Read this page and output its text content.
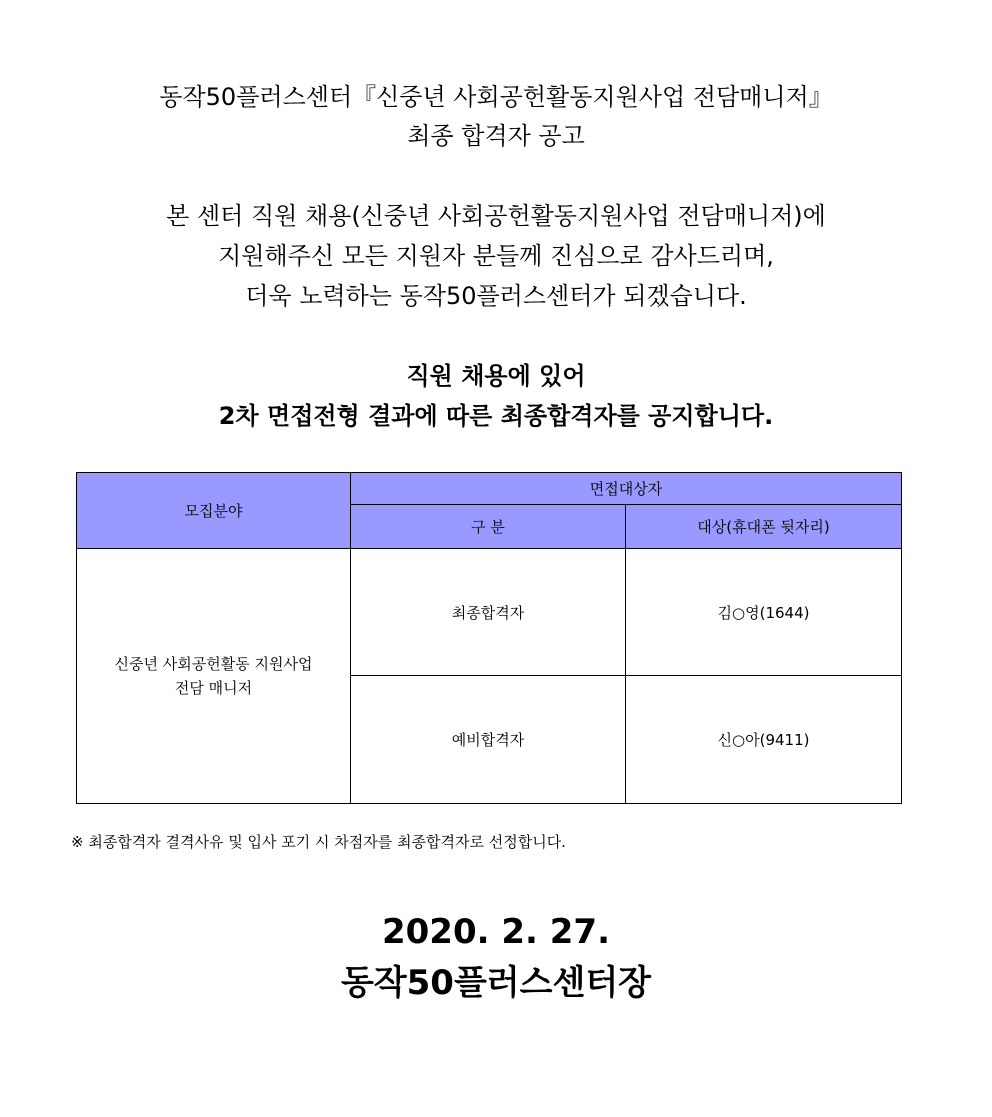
동작50플러스센터『신중년 사회공헌활동지원사업 전담매니저』
최종 합격자 공고
본 센터 직원 채용(신중년 사회공헌활동지원사업 전담매니저)에
지원해주신 모든 지원자 분들께 진심으로 감사드리며,
더욱 노력하는 동작50플러스센터가 되겠습니다.
직원 채용에 있어
2차 면접전형 결과에 따른 최종합격자를 공지합니다.
모집분야	면접대상자	
	구 분	대상(휴대폰 뒷자리)

신중년 사회공헌활동 지원사업
전담 매니저	최종합격자	김○영(1644)
	예비합격자	신○아(9411)
※ 최종합격자 결격사유 및 입사 포기 시 차점자를 최종합격자로 선정합니다.
2020. 2. 27.
동작50플러스센터장
